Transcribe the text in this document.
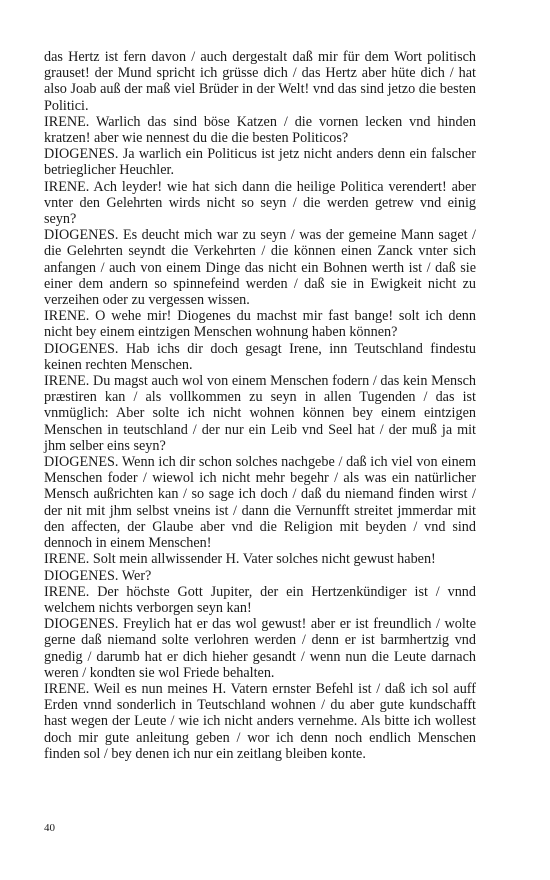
das Hertz ist fern davon / auch dergestalt daß mir für dem Wort politisch grauset! der Mund spricht ich grüsse dich / das Hertz aber hüte dich / hat also Joab auß der maß viel Brüder in der Welt! vnd das sind jetzo die besten Politici.

IRENE. Warlich das sind böse Katzen / die vornen lecken vnd hinden kratzen! aber wie nennest du die die besten Politicos?

DIOGENES. Ja warlich ein Politicus ist jetz nicht anders denn ein falscher betrieglicher Heuchler.

IRENE. Ach leyder! wie hat sich dann die heilige Politica verendert! aber vnter den Gelehrten wirds nicht so seyn / die werden getrew vnd einig seyn?

DIOGENES. Es deucht mich war zu seyn / was der gemeine Mann saget / die Gelehrten seyndt die Verkehrten / die können einen Zanck vnter sich anfangen / auch von einem Dinge das nicht ein Bohnen werth ist / daß sie einer dem andern so spinnefeind werden / daß sie in Ewigkeit nicht zu verzeihen oder zu vergessen wissen.

IRENE. O wehe mir! Diogenes du machst mir fast bange! solt ich denn nicht bey einem eintzigen Menschen wohnung haben können?

DIOGENES. Hab ichs dir doch gesagt Irene, inn Teutschland findestu keinen rechten Menschen.

IRENE. Du magst auch wol von einem Menschen fodern / das kein Mensch præstiren kan / als vollkommen zu seyn in allen Tugenden / das ist vnmüglich: Aber solte ich nicht wohnen können bey einem eintzigen Menschen in teutschland / der nur ein Leib vnd Seel hat / der muß ja mit jhm selber eins seyn?

DIOGENES. Wenn ich dir schon solches nachgebe / daß ich viel von einem Menschen foder / wiewol ich nicht mehr begehr / als was ein natürlicher Mensch außrichten kan / so sage ich doch / daß du niemand finden wirst / der nit mit jhm selbst vneins ist / dann die Vernunfft streitet jmmerdar mit den affecten, der Glaube aber vnd die Religion mit beyden / vnd sind dennoch in einem Menschen!

IRENE. Solt mein allwissender H. Vater solches nicht gewust haben!

DIOGENES. Wer?

IRENE. Der höchste Gott Jupiter, der ein Hertzenkündiger ist / vnnd welchem nichts verborgen seyn kan!

DIOGENES. Freylich hat er das wol gewust! aber er ist freundlich / wolte gerne daß niemand solte verlohren werden / denn er ist barmhertzig vnd gnedig / darumb hat er dich hieher gesandt / wenn nun die Leute darnach weren / kondten sie wol Friede behalten.

IRENE. Weil es nun meines H. Vatern ernster Befehl ist / daß ich sol auff Erden vnnd sonderlich in Teutschland wohnen / du aber gute kundschafft hast wegen der Leute / wie ich nicht anders vernehme. Als bitte ich wollest doch mir gute anleitung geben / wor ich denn noch endlich Menschen finden sol / bey denen ich nur ein zeitlang bleiben konte.

40
